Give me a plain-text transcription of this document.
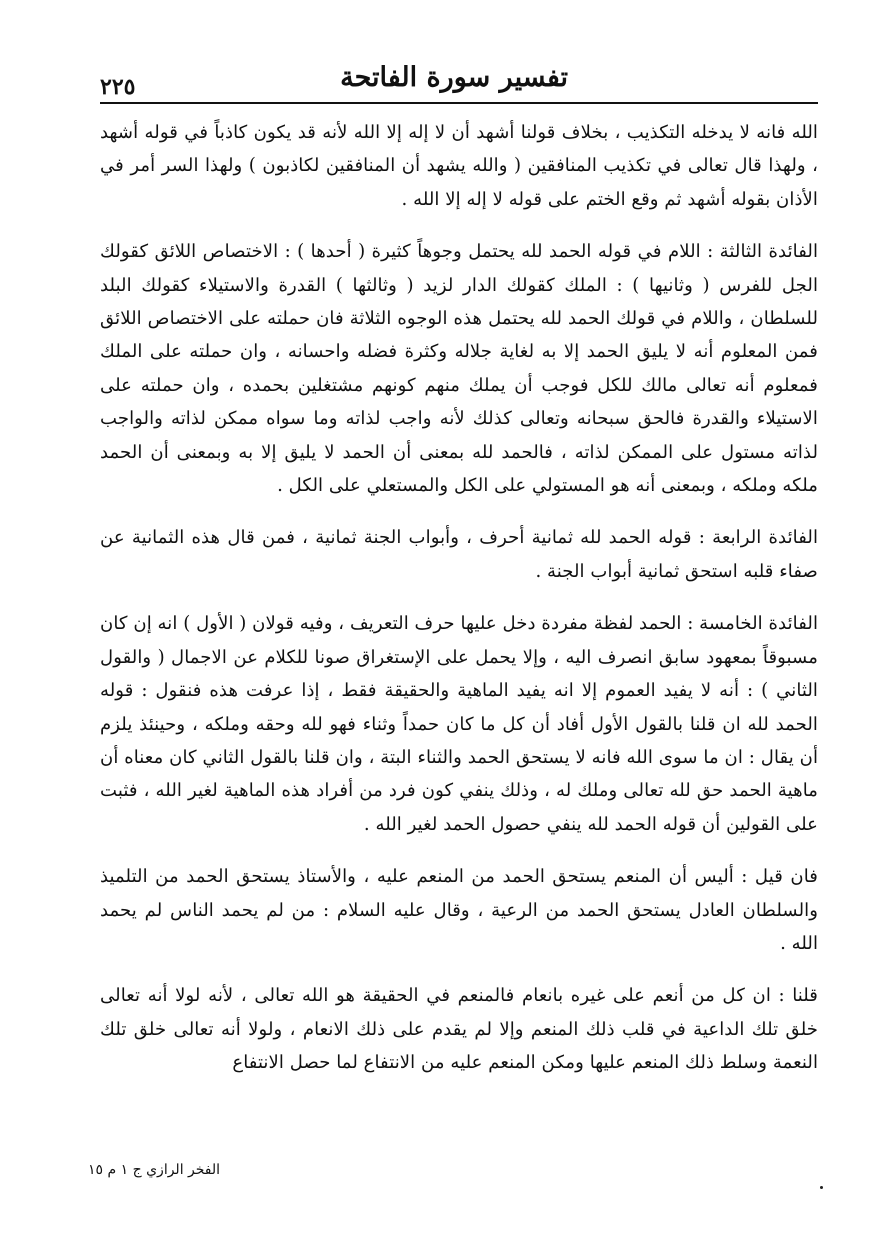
تفسير سورة الفاتحة
٢٢٥

الله فانه لا يدخله التكذيب ، بخلاف قولنا أشهد أن لا إله إلا الله لأنه قد يكون كاذباً في قوله أشهد ، ولهذا قال تعالى في تكذيب المنافقين ( والله يشهد أن المنافقين لكاذبون ) ولهذا السر أمر في الأذان بقوله أشهد ثم وقع الختم على قوله لا إله إلا الله .

الفائدة الثالثة : اللام في قوله الحمد لله يحتمل وجوهاً كثيرة ( أحدها ) : الاختصاص اللائق كقولك الجل للفرس ( وثانيها ) : الملك كقولك الدار لزيد ( وثالثها ) القدرة والاستيلاء كقولك البلد للسلطان ، واللام في قولك الحمد لله يحتمل هذه الوجوه الثلاثة فان حملته على الاختصاص اللائق فمن المعلوم أنه لا يليق الحمد إلا به لغاية جلاله وكثرة فضله واحسانه ، وان حملته على الملك فمعلوم أنه تعالى مالك للكل فوجب أن يملك منهم كونهم مشتغلين بحمده ، وان حملته على الاستيلاء والقدرة فالحق سبحانه وتعالى كذلك لأنه واجب لذاته وما سواه ممكن لذاته والواجب لذاته مستول على الممكن لذاته ، فالحمد لله بمعنى أن الحمد لا يليق إلا به وبمعنى أن الحمد ملكه وملكه ، وبمعنى أنه هو المستولي على الكل والمستعلي على الكل .

الفائدة الرابعة : قوله الحمد لله ثمانية أحرف ، وأبواب الجنة ثمانية ، فمن قال هذه الثمانية عن صفاء قلبه استحق ثمانية أبواب الجنة .

الفائدة الخامسة : الحمد لفظة مفردة دخل عليها حرف التعريف ، وفيه قولان ( الأول ) انه إن كان مسبوقاً بمعهود سابق انصرف اليه ، وإلا يحمل على الإستغراق صونا للكلام عن الاجمال ( والقول الثاني ) : أنه لا يفيد العموم إلا انه يفيد الماهية والحقيقة فقط ، إذا عرفت هذه فنقول : قوله الحمد لله ان قلنا بالقول الأول أفاد أن كل ما كان حمداً وثناء فهو لله وحقه وملكه ، وحينئذ يلزم أن يقال : ان ما سوى الله فانه لا يستحق الحمد والثناء البتة ، وان قلنا بالقول الثاني كان معناه أن ماهية الحمد حق لله تعالى وملك له ، وذلك ينفي كون فرد من أفراد هذه الماهية لغير الله ، فثبت على القولين أن قوله الحمد لله ينفي حصول الحمد لغير الله .

فان قيل : أليس أن المنعم يستحق الحمد من المنعم عليه ، والأستاذ يستحق الحمد من التلميذ والسلطان العادل يستحق الحمد من الرعية ، وقال عليه السلام : من لم يحمد الناس لم يحمد الله .

قلنا : ان كل من أنعم على غيره بانعام فالمنعم في الحقيقة هو الله تعالى ، لأنه لولا أنه تعالى خلق تلك الداعية في قلب ذلك المنعم وإلا لم يقدم على ذلك الانعام ، ولولا أنه تعالى خلق تلك النعمة وسلط ذلك المنعم عليها ومكن المنعم عليه من الانتفاع لما حصل الانتفاع

الفخر الرازي ج ١ م ١٥
